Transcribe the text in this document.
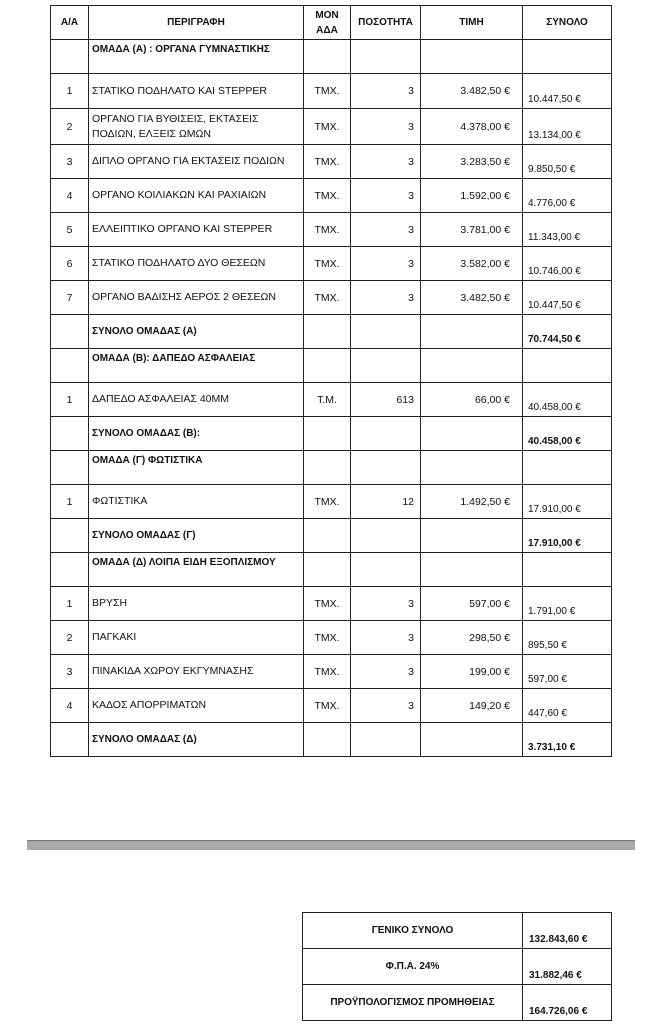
Α/Α	ΠΕΡΙΓΡΑΦΗ	ΜΟΝ ΑΔΑ	ΠΟΣΟΤΗΤΑ	ΤΙΜΗ	ΣΥΝΟΛΟ
	ΟΜΑΔΑ (Α) : ΟΡΓΑΝΑ ΓΥΜΝΑΣΤΙΚΗΣ				
1	ΣΤΑΤΙΚΟ ΠΟΔΗΛΑΤΟ ΚΑΙ STEPPER	ΤΜΧ.	3	3.482,50 €	10.447,50 €
2	ΟΡΓΑΝΟ ΓΙΑ ΒΥΘΙΣΕΙΣ, ΕΚΤΑΣΕΙΣ ΠΟΔΙΩΝ, ΕΛΞΕΙΣ ΩΜΩΝ	ΤΜΧ.	3	4.378,00 €	13.134,00 €
3	ΔΙΠΛΟ ΟΡΓΑΝΟ ΓΙΑ ΕΚΤΑΣΕΙΣ ΠΟΔΙΩΝ	ΤΜΧ.	3	3.283,50 €	9.850,50 €
4	ΟΡΓΑΝΟ ΚΟΙΛΙΑΚΩΝ ΚΑΙ ΡΑΧΙΑΙΩΝ	ΤΜΧ.	3	1.592,00 €	4.776,00 €
5	ΕΛΛΕΙΠΤΙΚΟ ΟΡΓΑΝΟ ΚΑΙ STEPPER	ΤΜΧ.	3	3.781,00 €	11.343,00 €
6	ΣΤΑΤΙΚΟ ΠΟΔΗΛΑΤΟ ΔΥΟ ΘΕΣΕΩΝ	ΤΜΧ.	3	3.582,00 €	10.746,00 €
7	ΟΡΓΑΝΟ ΒΑΔΙΣΗΣ ΑΕΡΟΣ 2 ΘΕΣΕΩΝ	ΤΜΧ.	3	3.482,50 €	10.447,50 €
	ΣΥΝΟΛΟ ΟΜΑΔΑΣ (Α)				70.744,50 €
	ΟΜΑΔΑ (Β): ΔΑΠΕΔΟ ΑΣΦΑΛΕΙΑΣ				
1	ΔΑΠΕΔΟ ΑΣΦΑΛΕΙΑΣ 40ΜΜ	Τ.Μ.	613	66,00 €	40.458,00 €
	ΣΥΝΟΛΟ ΟΜΑΔΑΣ (Β):				40.458,00 €
	ΟΜΑΔΑ (Γ) ΦΩΤΙΣΤΙΚΑ				
1	ΦΩΤΙΣΤΙΚΑ	ΤΜΧ.	12	1.492,50 €	17.910,00 €
	ΣΥΝΟΛΟ ΟΜΑΔΑΣ (Γ)				17.910,00 €
	ΟΜΑΔΑ (Δ) ΛΟΙΠΑ ΕΙΔΗ ΕΞΟΠΛΙΣΜΟΥ				
1	ΒΡΥΣΗ	ΤΜΧ.	3	597,00 €	1.791,00 €
2	ΠΑΓΚΑΚΙ	ΤΜΧ.	3	298,50 €	895,50 €
3	ΠΙΝΑΚΙΔΑ ΧΩΡΟΥ ΕΚΓΥΜΝΑΣΗΣ	ΤΜΧ.	3	199,00 €	597,00 €
4	ΚΑΔΟΣ ΑΠΟΡΡΙΜΑΤΩΝ	ΤΜΧ.	3	149,20 €	447,60 €
	ΣΥΝΟΛΟ ΟΜΑΔΑΣ (Δ)				3.731,10 €
ΓΕΝΙΚΟ ΣΥΝΟΛΟ	132.843,60 €
Φ.Π.Α. 24%	31.882,46 €
ΠΡΟΫΠΟΛΟΓΙΣΜΟΣ ΠΡΟΜΗΘΕΙΑΣ	164.726,06 €
